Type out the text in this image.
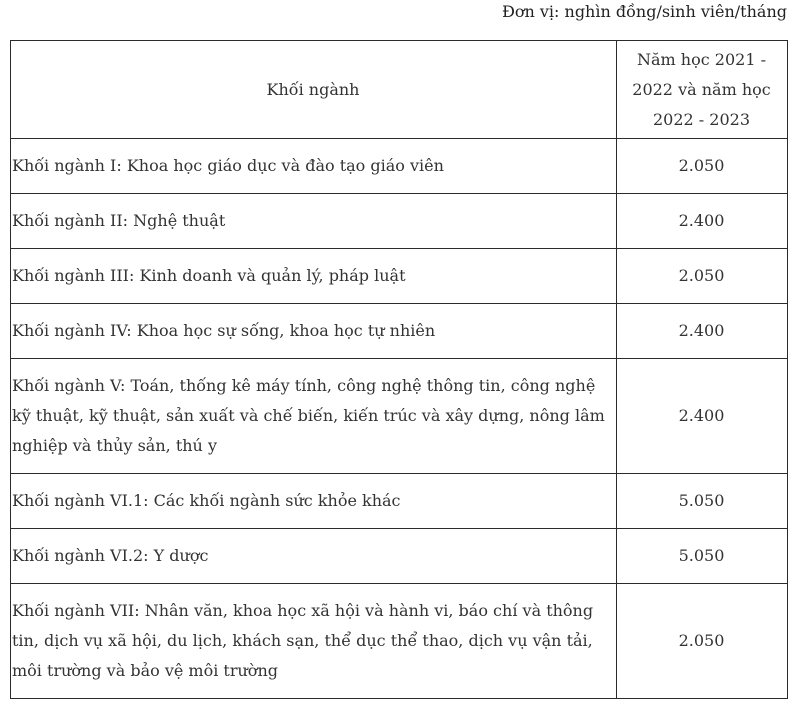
Đơn vị: nghìn đồng/sinh viên/tháng
Khối ngành	Năm học 2021 - 2022 và năm học 2022 - 2023
Khối ngành I: Khoa học giáo dục và đào tạo giáo viên	2.050
Khối ngành II: Nghệ thuật	2.400
Khối ngành III: Kinh doanh và quản lý, pháp luật	2.050
Khối ngành IV: Khoa học sự sống, khoa học tự nhiên	2.400
Khối ngành V: Toán, thống kê máy tính, công nghệ thông tin, công nghệ kỹ thuật, kỹ thuật, sản xuất và chế biến, kiến trúc và xây dựng, nông lâm nghiệp và thủy sản, thú y	2.400
Khối ngành VI.1: Các khối ngành sức khỏe khác	5.050
Khối ngành VI.2: Y dược	5.050
Khối ngành VII: Nhân văn, khoa học xã hội và hành vi, báo chí và thông tin, dịch vụ xã hội, du lịch, khách sạn, thể dục thể thao, dịch vụ vận tải, môi trường và bảo vệ môi trường	2.050
